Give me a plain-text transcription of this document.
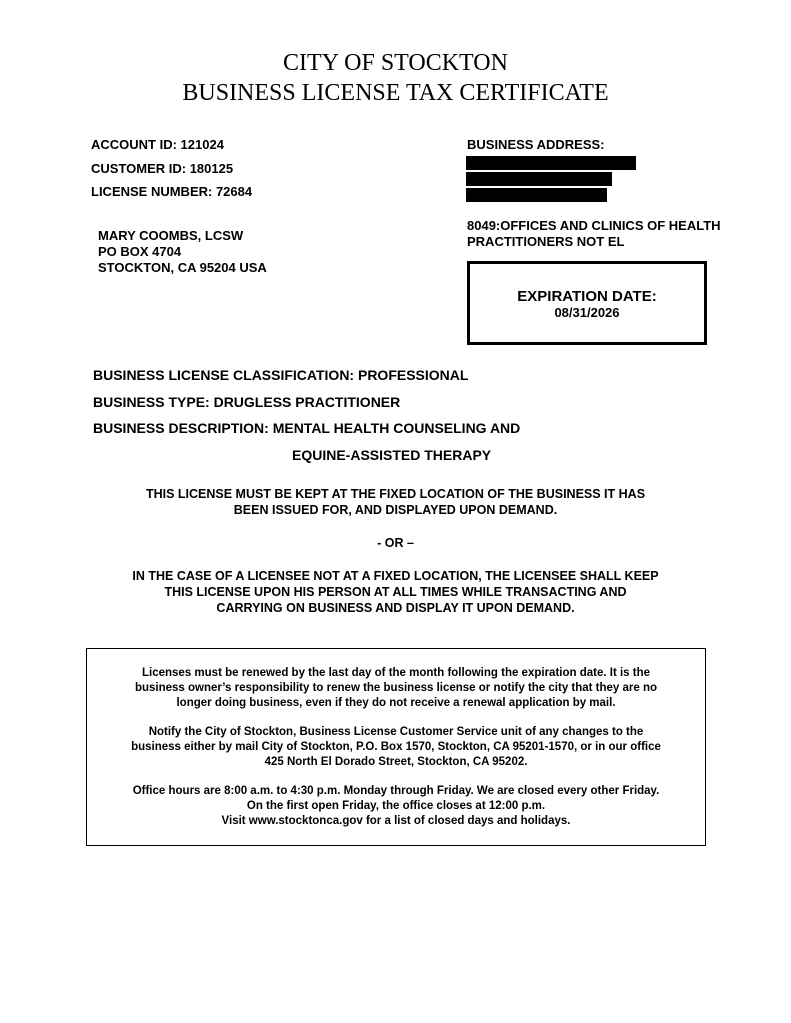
CITY OF STOCKTON
BUSINESS LICENSE TAX CERTIFICATE
ACCOUNT ID: 121024
CUSTOMER ID: 180125
LICENSE NUMBER: 72684
MARY COOMBS, LCSW
PO BOX 4704
STOCKTON, CA 95204 USA
BUSINESS ADDRESS:
8049:OFFICES AND CLINICS OF HEALTH
PRACTITIONERS NOT EL
EXPIRATION DATE:
08/31/2026
BUSINESS LICENSE CLASSIFICATION: PROFESSIONAL
BUSINESS TYPE: DRUGLESS PRACTITIONER
BUSINESS DESCRIPTION: MENTAL HEALTH COUNSELING AND
EQUINE-ASSISTED THERAPY
THIS LICENSE MUST BE KEPT AT THE FIXED LOCATION OF THE BUSINESS IT HAS
BEEN ISSUED FOR, AND DISPLAYED UPON DEMAND.
- OR –
IN THE CASE OF A LICENSEE NOT AT A FIXED LOCATION, THE LICENSEE SHALL KEEP
THIS LICENSE UPON HIS PERSON AT ALL TIMES WHILE TRANSACTING AND
CARRYING ON BUSINESS AND DISPLAY IT UPON DEMAND.
Licenses must be renewed by the last day of the month following the expiration date. It is the
business owner’s responsibility to renew the business license or notify the city that they are no
longer doing business, even if they do not receive a renewal application by mail.
Notify the City of Stockton, Business License Customer Service unit of any changes to the
business either by mail City of Stockton, P.O. Box 1570, Stockton, CA 95201-1570, or in our office
425 North El Dorado Street, Stockton, CA 95202.
Office hours are 8:00 a.m. to 4:30 p.m. Monday through Friday. We are closed every other Friday.
On the first open Friday, the office closes at 12:00 p.m.
Visit www.stocktonca.gov for a list of closed days and holidays.
